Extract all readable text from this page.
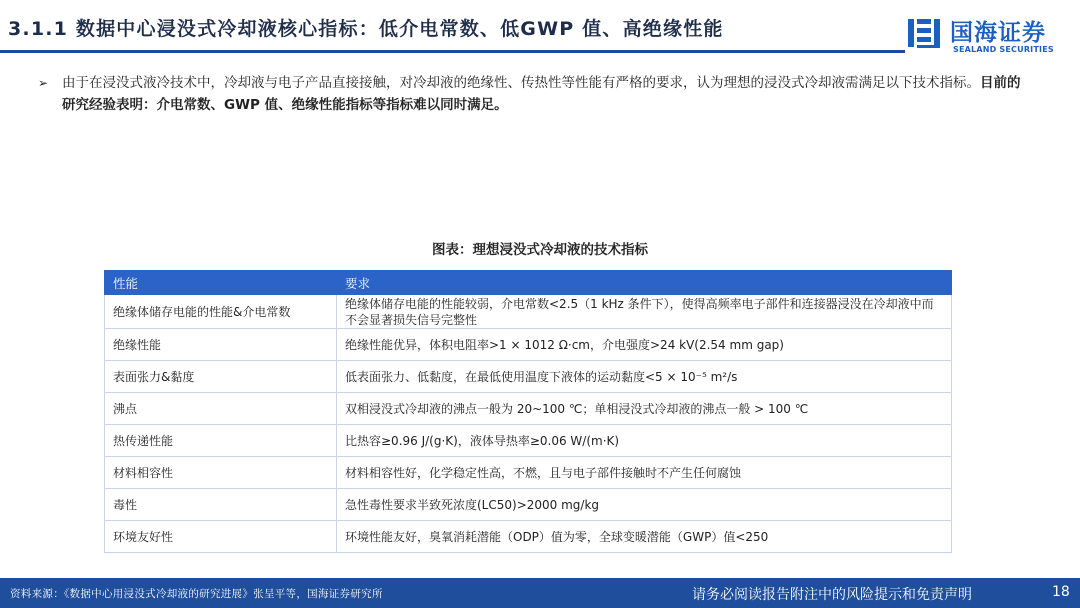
3.1.1 数据中心浸没式冷却液核心指标：低介电常数、低GWP 值、高绝缘性能	国海证券
SEALAND SECURITIES
➢	由于在浸没式液冷技术中，冷却液与电子产品直接接触，对冷却液的绝缘性、传热性等性能有严格的要求，认为理想的浸没式冷却液需满足以下技术指标。目前的研究经验表明：介电常数、GWP 值、绝缘性能指标等指标难以同时满足。
图表：理想浸没式冷却液的技术指标
性能	要求
绝缘体储存电能的性能&介电常数	绝缘体储存电能的性能较弱，介电常数<2.5（1 kHz 条件下），使得高频率电子部件和连接器浸没在冷却液中而不会显著损失信号完整性
绝缘性能	绝缘性能优异，体积电阻率>1 × 1012 Ω·cm，介电强度>24 kV(2.54 mm gap)
表面张力&黏度	低表面张力、低黏度，在最低使用温度下液体的运动黏度<5 × 10⁻⁵ m²/s
沸点	双相浸没式冷却液的沸点一般为 20~100 ℃；单相浸没式冷却液的沸点一般 > 100 ℃
热传递性能	比热容≥0.96 J/(g·K)，液体导热率≥0.06 W/(m·K)
材料相容性	材料相容性好，化学稳定性高，不燃，且与电子部件接触时不产生任何腐蚀
毒性	急性毒性要求半致死浓度(LC50)>2000 mg/kg
环境友好性	环境性能友好，臭氧消耗潜能（ODP）值为零，全球变暖潜能（GWP）值<250
资料来源：《数据中心用浸没式冷却液的研究进展》张呈平等，国海证券研究所	请务必阅读报告附注中的风险提示和免责声明	18
